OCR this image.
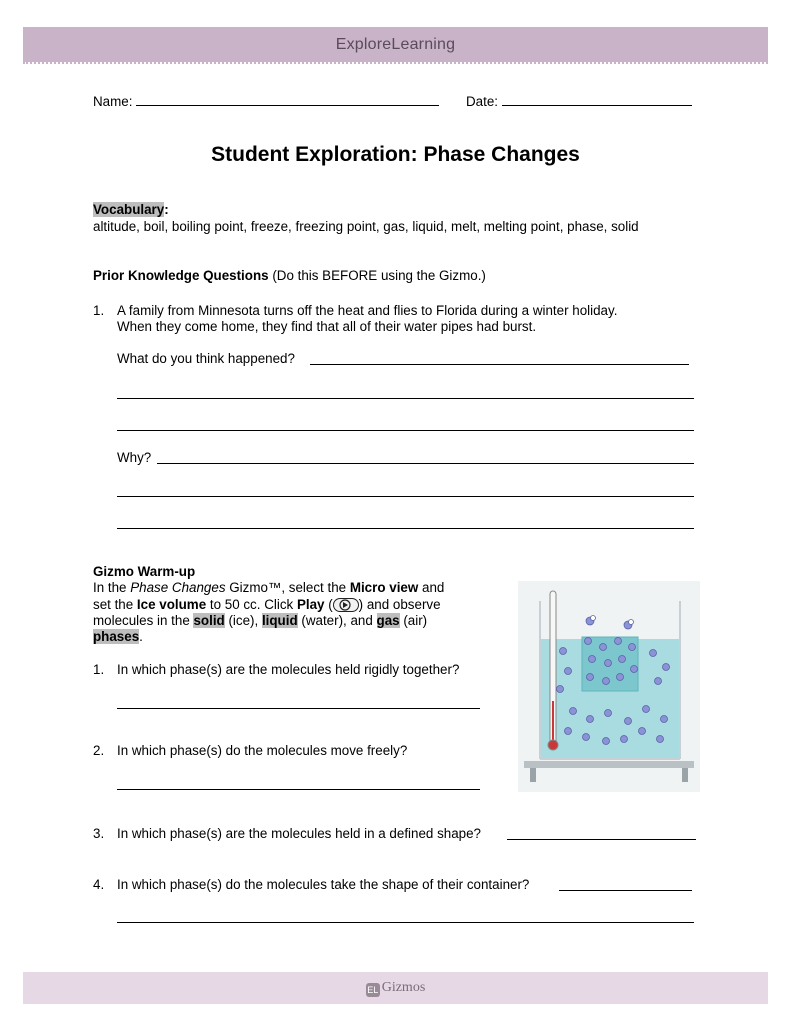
ExploreLearning
Name:	Date:
Student Exploration: Phase Changes
Vocabulary:
altitude, boil, boiling point, freeze, freezing point, gas, liquid, melt, melting point, phase, solid
Prior Knowledge Questions (Do this BEFORE using the Gizmo.)
1. A family from Minnesota turns off the heat and flies to Florida during a winter holiday.
When they come home, they find that all of their water pipes had burst.
What do you think happened?
Why?
Gizmo Warm-up
In the Phase Changes Gizmo™, select the Micro view and
set the Ice volume to 50 cc. Click Play ( ) and observe
molecules in the solid (ice), liquid (water), and gas (air)
phases.
1. In which phase(s) are the molecules held rigidly together?
2. In which phase(s) do the molecules move freely?
3. In which phase(s) are the molecules held in a defined shape?
4. In which phase(s) do the molecules take the shape of their container?
EL Gizmos
